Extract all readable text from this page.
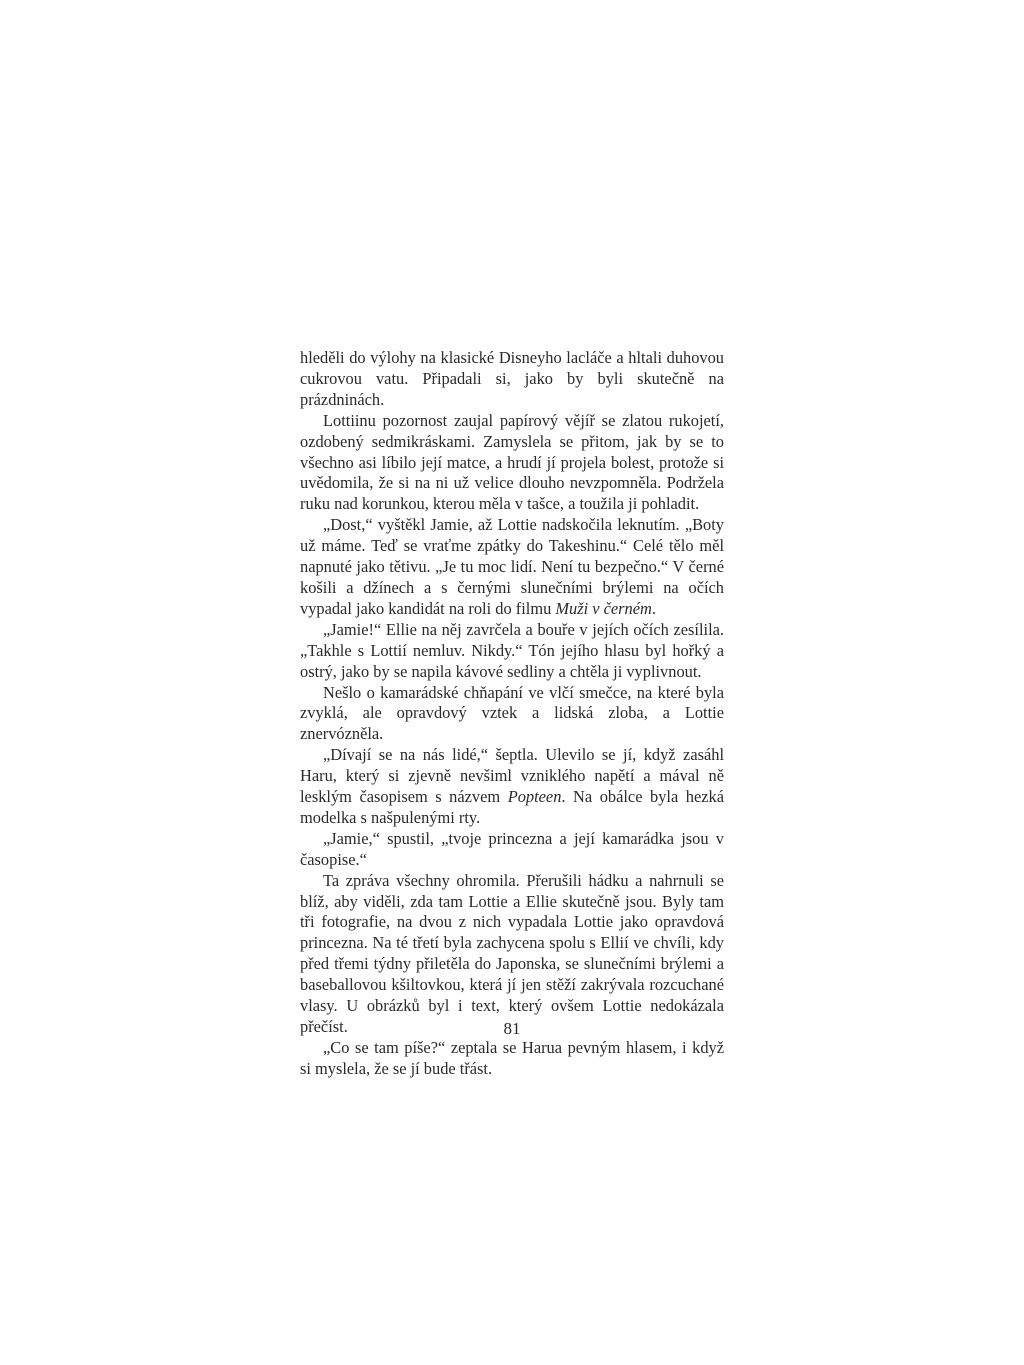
hleděli do výlohy na klasické Disneyho lacláče a hltali duhovou cukrovou vatu. Připadali si, jako by byli skutečně na prázdninách.

Lottiinu pozornost zaujal papírový vějíř se zlatou rukojetí, ozdobený sedmikráskami. Zamyslela se přitom, jak by se to všechno asi líbilo její matce, a hrudí jí projela bolest, protože si uvědomila, že si na ni už velice dlouho nevzpomněla. Podržela ruku nad korunkou, kterou měla v tašce, a toužila ji pohladit.

„Dost,“ vyštěkl Jamie, až Lottie nadskočila leknutím. „Boty už máme. Teď se vraťme zpátky do Takeshinu.“ Celé tělo měl napnuté jako tětivu. „Je tu moc lidí. Není tu bezpečno.“ V černé košili a džínech a s černými slunečními brýlemi na očích vypadal jako kandidát na roli do filmu Muži v černém.

„Jamie!“ Ellie na něj zavrčela a bouře v jejích očích zesílila. „Takhle s Lottií nemluv. Nikdy.“ Tón jejího hlasu byl hořký a ostrý, jako by se napila kávové sedliny a chtěla ji vyplivnout.

Nešlo o kamarádské chňapání ve vlčí smečce, na které byla zvyklá, ale opravdový vztek a lidská zloba, a Lottie znervózněla.

„Dívají se na nás lidé,“ šeptla. Ulevilo se jí, když zasáhl Haru, který si zjevně nevšiml vzniklého napětí a mával ně lesklým časopisem s názvem Popteen. Na obálce byla hezká modelka s našpulenými rty.

„Jamie,“ spustil, „tvoje princezna a její kamarádka jsou v časopise.“

Ta zpráva všechny ohromila. Přerušili hádku a nahrnuli se blíž, aby viděli, zda tam Lottie a Ellie skutečně jsou. Byly tam tři fotografie, na dvou z nich vypadala Lottie jako opravdová princezna. Na té třetí byla zachycena spolu s Ellií ve chvíli, kdy před třemi týdny přiletěla do Japonska, se slunečními brýlemi a baseballovou kšiltovkou, která jí jen stěží zakrývala rozcuchané vlasy. U obrázků byl i text, který ovšem Lottie nedokázala přečíst.

„Co se tam píše?“ zeptala se Harua pevným hlasem, i když si myslela, že se jí bude třást.

81
